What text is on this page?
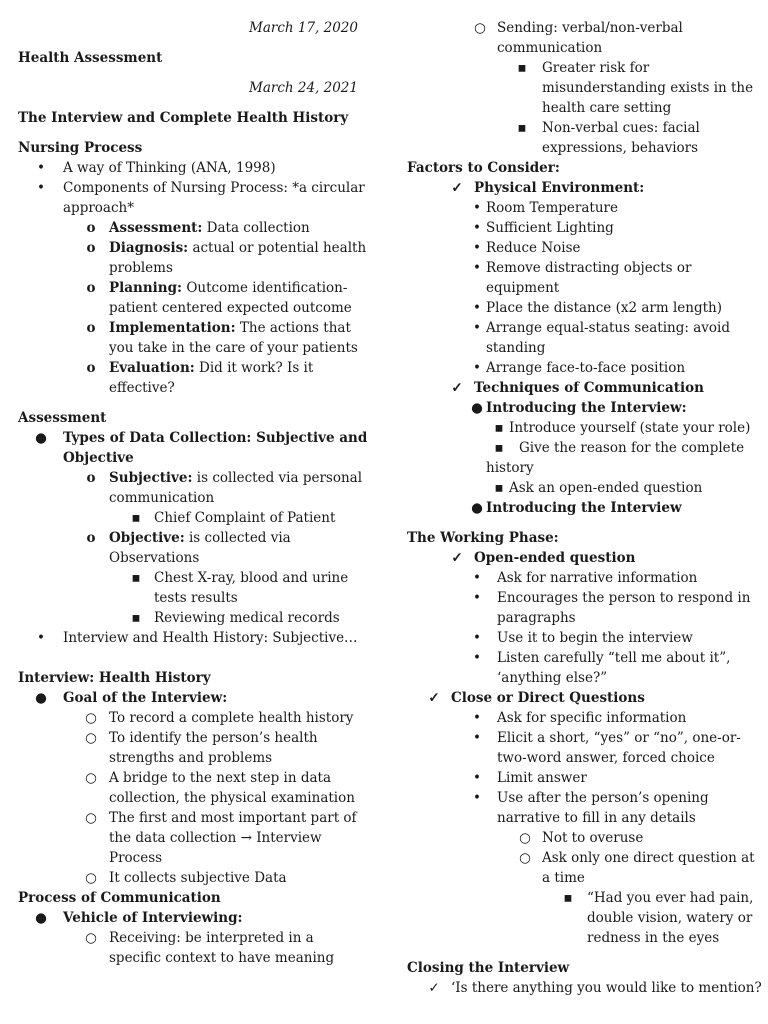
March 17, 2020
Health Assessment
March 24, 2021
The Interview and Complete Health History
Nursing Process
• A way of Thinking (ANA, 1998)
• Components of Nursing Process: *a circular approach*
o Assessment: Data collection
o Diagnosis: actual or potential health problems
o Planning: Outcome identification- patient centered expected outcome
o Implementation: The actions that you take in the care of your patients
o Evaluation: Did it work? Is it effective?
Assessment
● Types of Data Collection: Subjective and Objective
o Subjective: is collected via personal communication
▪ Chief Complaint of Patient
o Objective: is collected via Observations
▪ Chest X-ray, blood and urine tests results
▪ Reviewing medical records
• Interview and Health History: Subjective…
Interview: Health History
● Goal of the Interview:
○ To record a complete health history
○ To identify the person’s health strengths and problems
○ A bridge to the next step in data collection, the physical examination
○ The first and most important part of the data collection → Interview Process
○ It collects subjective Data
Process of Communication
● Vehicle of Interviewing:
○ Receiving: be interpreted in a specific context to have meaning
○ Sending: verbal/non-verbal communication
▪ Greater risk for misunderstanding exists in the health care setting
▪ Non-verbal cues: facial expressions, behaviors
Factors to Consider:
✓ Physical Environment:
• Room Temperature
• Sufficient Lighting
• Reduce Noise
• Remove distracting objects or equipment
• Place the distance (x2 arm length)
• Arrange equal-status seating: avoid standing
• Arrange face-to-face position
✓ Techniques of Communication
● Introducing the Interview:
▪ Introduce yourself (state your role)
▪ Give the reason for the complete history
▪ Ask an open-ended question
● Introducing the Interview
The Working Phase:
✓ Open-ended question
• Ask for narrative information
• Encourages the person to respond in paragraphs
• Use it to begin the interview
• Listen carefully “tell me about it”, ‘anything else?”
✓ Close or Direct Questions
• Ask for specific information
• Elicit a short, “yes” or “no”, one-or-two-word answer, forced choice
• Limit answer
• Use after the person’s opening narrative to fill in any details
○ Not to overuse
○ Ask only one direct question at a time
▪ “Had you ever had pain, double vision, watery or redness in the eyes
Closing the Interview
✓ ‘Is there anything you would like to mention?
